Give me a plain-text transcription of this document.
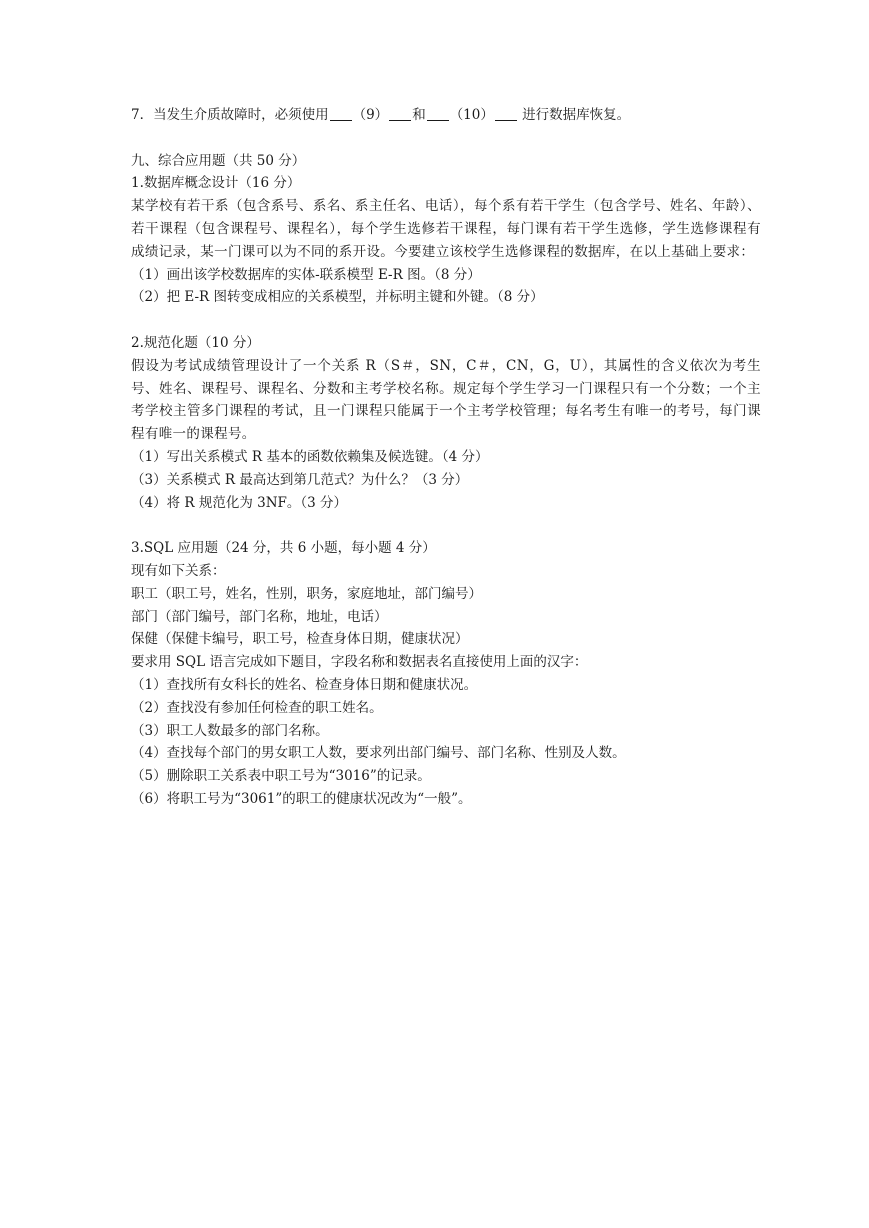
7．当发生介质故障时，必须使用 （9） 和 （10） 进行数据库恢复。

九、综合应用题（共 50 分）

1.数据库概念设计（16 分）

某学校有若干系（包含系号、系名、系主任名、电话），每个系有若干学生（包含学号、姓名、年龄）、若干课程（包含课程号、课程名），每个学生选修若干课程，每门课有若干学生选修，学生选修课程有成绩记录，某一门课可以为不同的系开设。今要建立该校学生选修课程的数据库，在以上基础上要求：

（1）画出该学校数据库的实体-联系模型 E-R 图。（8 分）

（2）把 E-R 图转变成相应的关系模型，并标明主键和外键。（8 分）

2.规范化题（10 分）

假设为考试成绩管理设计了一个关系 R（S＃，SN，C＃，CN，G，U），其属性的含义依次为考生号、姓名、课程号、课程名、分数和主考学校名称。规定每个学生学习一门课程只有一个分数；一个主考学校主管多门课程的考试，且一门课程只能属于一个主考学校管理；每名考生有唯一的考号，每门课程有唯一的课程号。

（1）写出关系模式 R 基本的函数依赖集及候选键。（4 分）

（3）关系模式 R 最高达到第几范式？为什么？（3 分）

（4）将 R 规范化为 3NF。（3 分）

3.SQL 应用题（24 分，共 6 小题，每小题 4 分）

现有如下关系：

职工（职工号，姓名，性别，职务，家庭地址，部门编号）

部门（部门编号，部门名称，地址，电话）

保健（保健卡编号，职工号，检查身体日期，健康状况）

要求用 SQL 语言完成如下题目，字段名称和数据表名直接使用上面的汉字：

（1）查找所有女科长的姓名、检查身体日期和健康状况。

（2）查找没有参加任何检查的职工姓名。

（3）职工人数最多的部门名称。

（4）查找每个部门的男女职工人数，要求列出部门编号、部门名称、性别及人数。

（5）删除职工关系表中职工号为“3016”的记录。

（6）将职工号为“3061”的职工的健康状况改为“一般”。
